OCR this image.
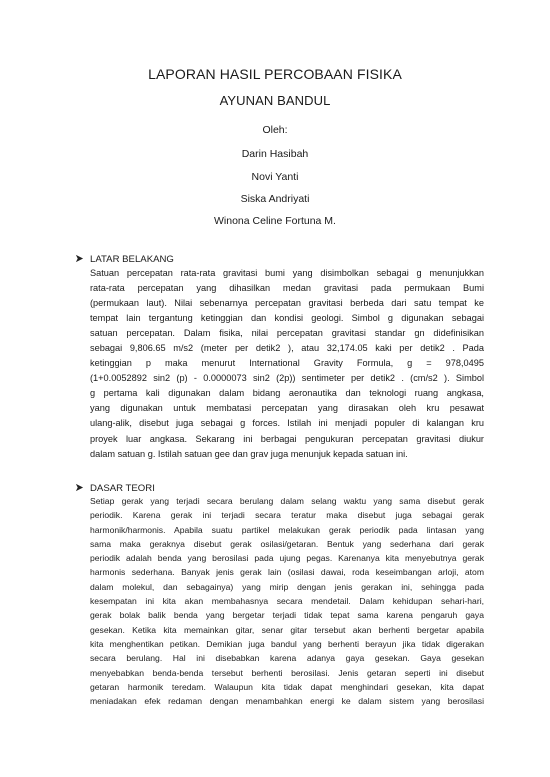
LAPORAN HASIL PERCOBAAN FISIKA
AYUNAN BANDUL
Oleh:
Darin Hasibah
Novi Yanti
Siska Andriyati
Winona Celine Fortuna M.
LATAR BELAKANG
Satuan percepatan rata-rata gravitasi bumi yang disimbolkan sebagai g menunjukkan
rata-rata percepatan yang dihasilkan medan gravitasi pada permukaan Bumi
(permukaan laut). Nilai sebenarnya percepatan gravitasi berbeda dari satu tempat ke
tempat lain tergantung ketinggian dan kondisi geologi. Simbol g digunakan sebagai
satuan percepatan. Dalam fisika, nilai percepatan gravitasi standar gn didefinisikan
sebagai 9,806.65 m/s2 (meter per detik2 ), atau 32,174.05 kaki per detik2 . Pada
ketinggian p maka menurut International Gravity Formula, g = 978,0495
(1+0.0052892 sin2 (p) - 0.0000073 sin2 (2p)) sentimeter per detik2 . (cm/s2 ). Simbol
g pertama kali digunakan dalam bidang aeronautika dan teknologi ruang angkasa,
yang digunakan untuk membatasi percepatan yang dirasakan oleh kru pesawat
ulang-alik, disebut juga sebagai g forces. Istilah ini menjadi populer di kalangan kru
proyek luar angkasa. Sekarang ini berbagai pengukuran percepatan gravitasi diukur
dalam satuan g. Istilah satuan gee dan grav juga menunjuk kepada satuan ini.
DASAR TEORI
Setiap gerak yang terjadi secara berulang dalam selang waktu yang sama disebut gerak
periodik. Karena gerak ini terjadi secara teratur maka disebut juga sebagai gerak
harmonik/harmonis. Apabila suatu partikel melakukan gerak periodik pada lintasan yang
sama maka geraknya disebut gerak osilasi/getaran. Bentuk yang sederhana dari gerak
periodik adalah benda yang berosilasi pada ujung pegas. Karenanya kita menyebutnya gerak
harmonis sederhana. Banyak jenis gerak lain (osilasi dawai, roda keseimbangan arloji, atom
dalam molekul, dan sebagainya) yang mirip dengan jenis gerakan ini, sehingga pada
kesempatan ini kita akan membahasnya secara mendetail. Dalam kehidupan sehari-hari,
gerak bolak balik benda yang bergetar terjadi tidak tepat sama karena pengaruh gaya
gesekan. Ketika kita memainkan gitar, senar gitar tersebut akan berhenti bergetar apabila
kita menghentikan petikan. Demikian juga bandul yang berhenti berayun jika tidak digerakan
secara berulang. Hal ini disebabkan karena adanya gaya gesekan. Gaya gesekan
menyebabkan benda-benda tersebut berhenti berosilasi. Jenis getaran seperti ini disebut
getaran harmonik teredam. Walaupun kita tidak dapat menghindari gesekan, kita dapat
meniadakan efek redaman dengan menambahkan energi ke dalam sistem yang berosilasi
